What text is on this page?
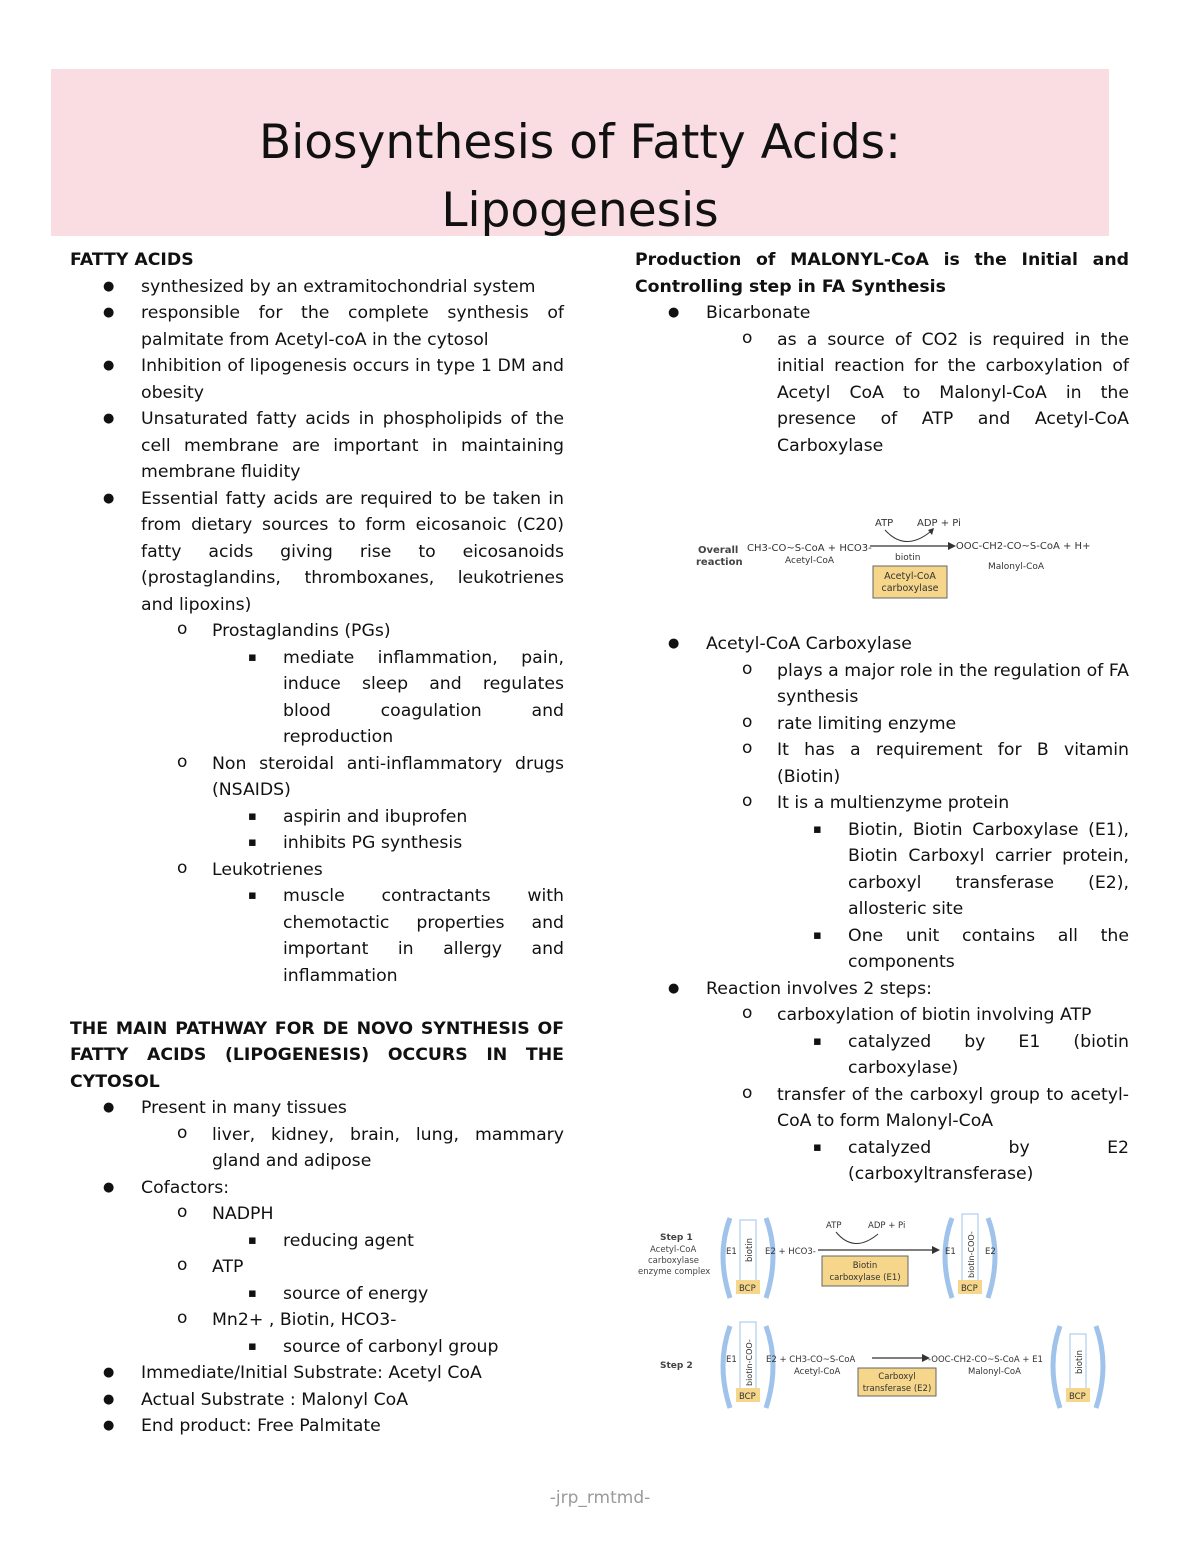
Biosynthesis of Fatty Acids:
Lipogenesis
FATTY ACIDS
● synthesized by an extramitochondrial system
● responsible for the complete synthesis of palmitate from Acetyl-coA in the cytosol
● Inhibition of lipogenesis occurs in type 1 DM and obesity
● Unsaturated fatty acids in phospholipids of the cell membrane are important in maintaining membrane fluidity
● Essential fatty acids are required to be taken in from dietary sources to form eicosanoic (C20) fatty acids giving rise to eicosanoids (prostaglandins, thromboxanes, leukotrienes and lipoxins)
o Prostaglandins (PGs)
▪ mediate inflammation, pain, induce sleep and regulates blood coagulation and reproduction
o Non steroidal anti-inflammatory drugs (NSAIDS)
▪ aspirin and ibuprofen
▪ inhibits PG synthesis
o Leukotrienes
▪ muscle contractants with chemotactic properties and important in allergy and inflammation
THE MAIN PATHWAY FOR DE NOVO SYNTHESIS OF FATTY ACIDS (LIPOGENESIS) OCCURS IN THE CYTOSOL
● Present in many tissues
o liver, kidney, brain, lung, mammary gland and adipose
● Cofactors:
o NADPH
▪ reducing agent
o ATP
▪ source of energy
o Mn2+ , Biotin, HCO3-
▪ source of carbonyl group
● Immediate/Initial Substrate: Acetyl CoA
● Actual Substrate : Malonyl CoA
● End product: Free Palmitate
Production of MALONYL-CoA is the Initial and Controlling step in FA Synthesis
● Bicarbonate
o as a source of CO2 is required in the initial reaction for the carboxylation of Acetyl CoA to Malonyl-CoA in the presence of ATP and Acetyl-CoA Carboxylase
● Acetyl-CoA Carboxylase
o plays a major role in the regulation of FA synthesis
o rate limiting enzyme
o It has a requirement for B vitamin (Biotin)
o It is a multienzyme protein
▪ Biotin, Biotin Carboxylase (E1), Biotin Carboxyl carrier protein, carboxyl transferase (E2), allosteric site
▪ One unit contains all the components
● Reaction involves 2 steps:
o carboxylation of biotin involving ATP
▪ catalyzed by E1 (biotin carboxylase)
o transfer of the carboxyl group to acetyl-CoA to form Malonyl-CoA
▪ catalyzed by E2 (carboxyltransferase)
Overall
reaction
CH3-CO~S-CoA + HCO3-
Acetyl-CoA
ATP ADP + Pi
biotin
-OOC-CH2-CO~S-CoA + H+
Malonyl-CoA
Acetyl-CoA
carboxylase
Step 1
Acetyl-CoA
carboxylase
enzyme complex
biotin
BCP
E1	E2 + HCO3-
ATP	ADP + Pi
Biotin
carboxylase (E1)	biotin-COO-
BCP
E1	E2
Step 2	biotin-COO-
BCP
E1	E2 + CH3-CO~S-CoA
Acetyl-CoA
-OOC-CH2-CO~S-CoA + E1
Malonyl-CoA
Carboxyl
transferase (E2)
biotin
BCP
-jrp_rmtmd-
